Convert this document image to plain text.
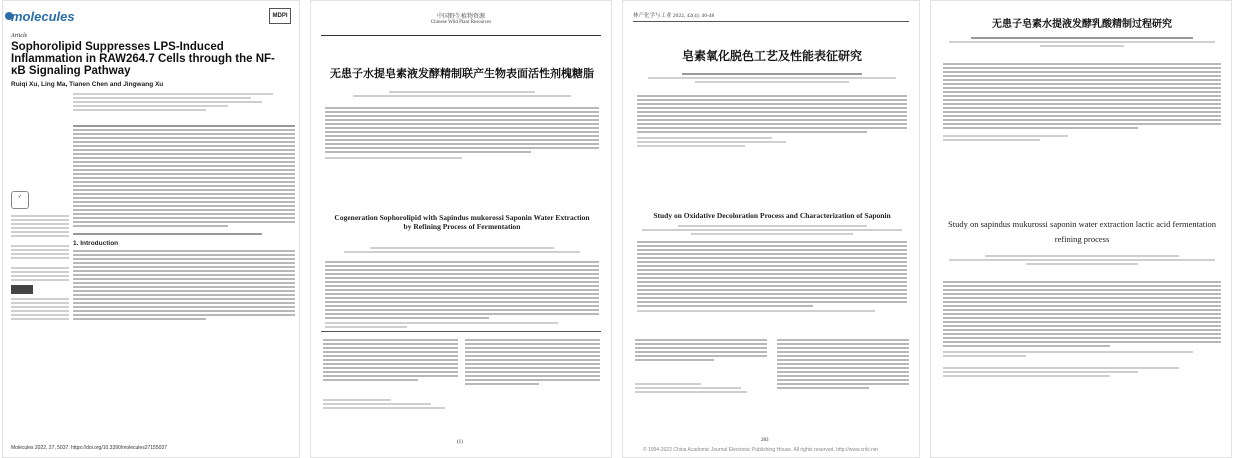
molecules	MDPI
Article
Sophorolipid Suppresses LPS-Induced Inflammation in RAW264.7 Cells through the NF-κB Signaling Pathway
Ruiqi Xu, Ling Ma, Tianen Chen and Jingwang Xu
1. Introduction
✓
Molecules 2022, 27, 5037. https://doi.org/10.3390/molecules27155037
中国野生植物资源
Chinese Wild Plant Resources
无患子水提皂素液发酵精制联产生物表面活性剂槐糖脂
Cogeneration Sophorolipid with Sapindus mukorossi Saponin Water Extraction by Refining Process of Fermentation
(1)
林产化学与工业 2022, 42(4): 40-48
皂素氧化脱色工艺及性能表征研究
Study on Oxidative Decoloration Process and Characterization of Saponin
283
© 1994-2022 China Academic Journal Electronic Publishing House. All rights reserved. http://www.cnki.net
无患子皂素水提液发酵乳酸精制过程研究
Study on sapindus mukurossi saponin water extraction lactic acid fermentation refining process
